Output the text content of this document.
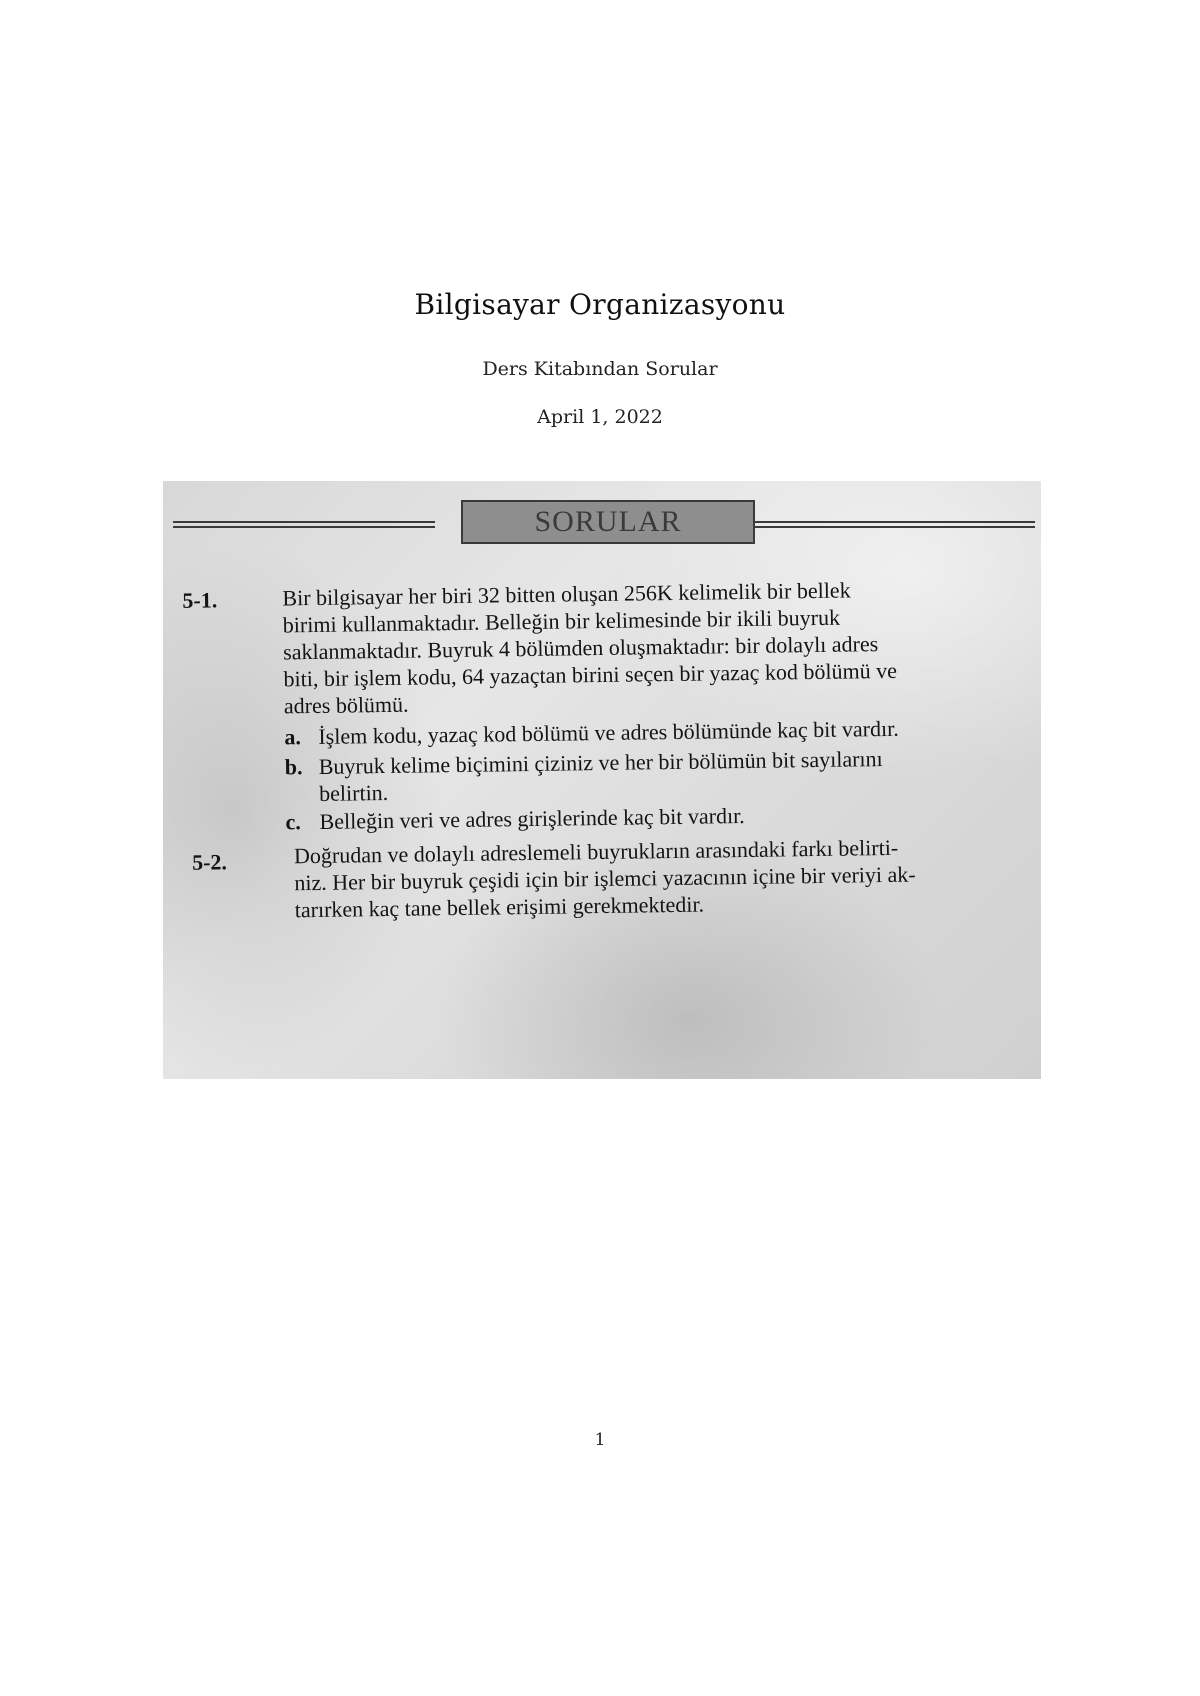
Bilgisayar Organizasyonu
Ders Kitabından Sorular
April 1, 2022
SORULAR
5-1.	Bir bilgisayar her biri 32 bitten oluşan 256K kelimelik bir bellek
birimi kullanmaktadır. Belleğin bir kelimesinde bir ikili buyruk
saklanmaktadır. Buyruk 4 bölümden oluşmaktadır: bir dolaylı adres
biti, bir işlem kodu, 64 yazaçtan birini seçen bir yazaç kod bölümü ve
adres bölümü.
a. İşlem kodu, yazaç kod bölümü ve adres bölümünde kaç bit vardır.
b. Buyruk kelime biçimini çiziniz ve her bir bölümün bit sayılarını
belirtin.
c. Belleğin veri ve adres girişlerinde kaç bit vardır.
5-2.	Doğrudan ve dolaylı adreslemeli buyrukların arasındaki farkı belirti-
niz. Her bir buyruk çeşidi için bir işlemci yazacının içine bir veriyi ak-
tarırken kaç tane bellek erişimi gerekmektedir.
1
